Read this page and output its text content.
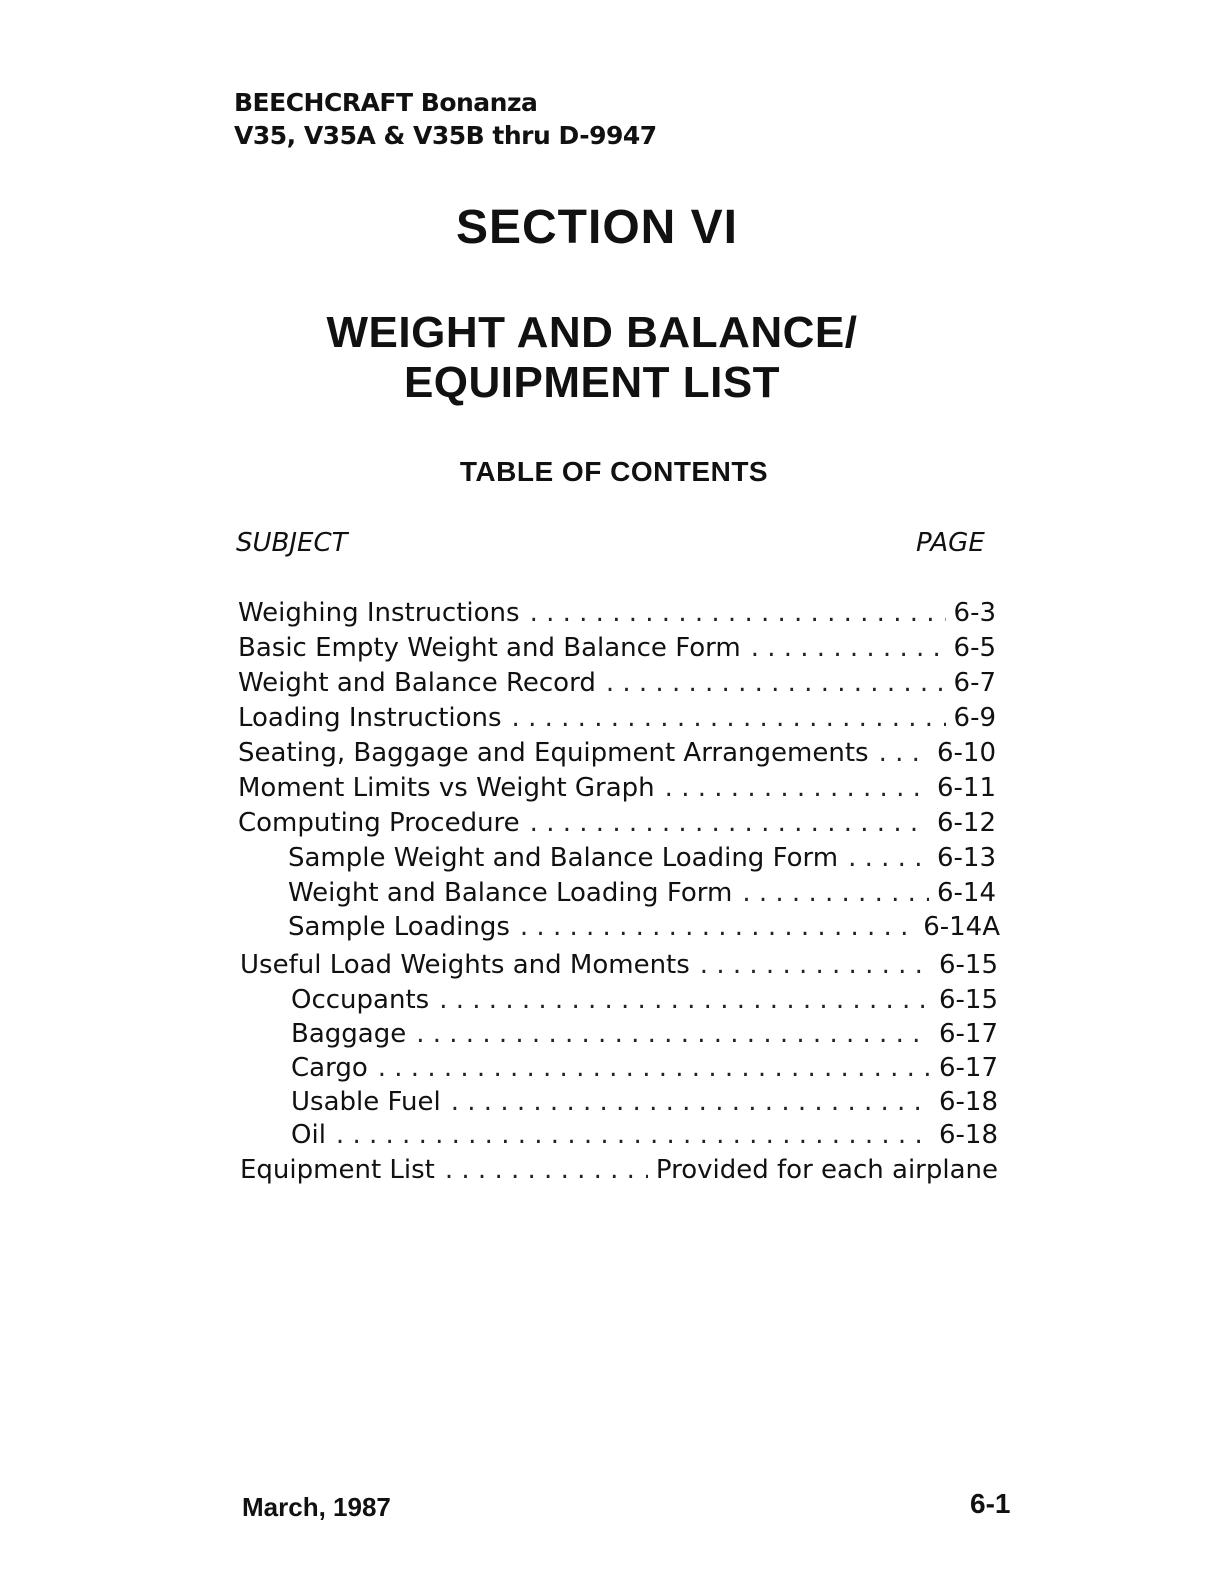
BEECHCRAFT Bonanza
V35, V35A & V35B thru D-9947
SECTION VI
WEIGHT AND BALANCE/
EQUIPMENT LIST
TABLE OF CONTENTS
SUBJECT	PAGE
Weighing Instructions . . .	6-3
Basic Empty Weight and Balance Form . . .	6-5
Weight and Balance Record . . .	6-7
Loading Instructions . . .	6-9
Seating, Baggage and Equipment Arrangements . . .	6-10
Moment Limits vs Weight Graph . . .	6-11
Computing Procedure . . .	6-12
Sample Weight and Balance Loading Form . . .	6-13
Weight and Balance Loading Form . . .	6-14
Sample Loadings . . .	6-14A
Useful Load Weights and Moments . . .	6-15
Occupants . . .	6-15
Baggage . . .	6-17
Cargo . . .	6-17
Usable Fuel . . .	6-18
Oil . . .	6-18
Equipment List . . .	Provided for each airplane
March, 1987	6-1
